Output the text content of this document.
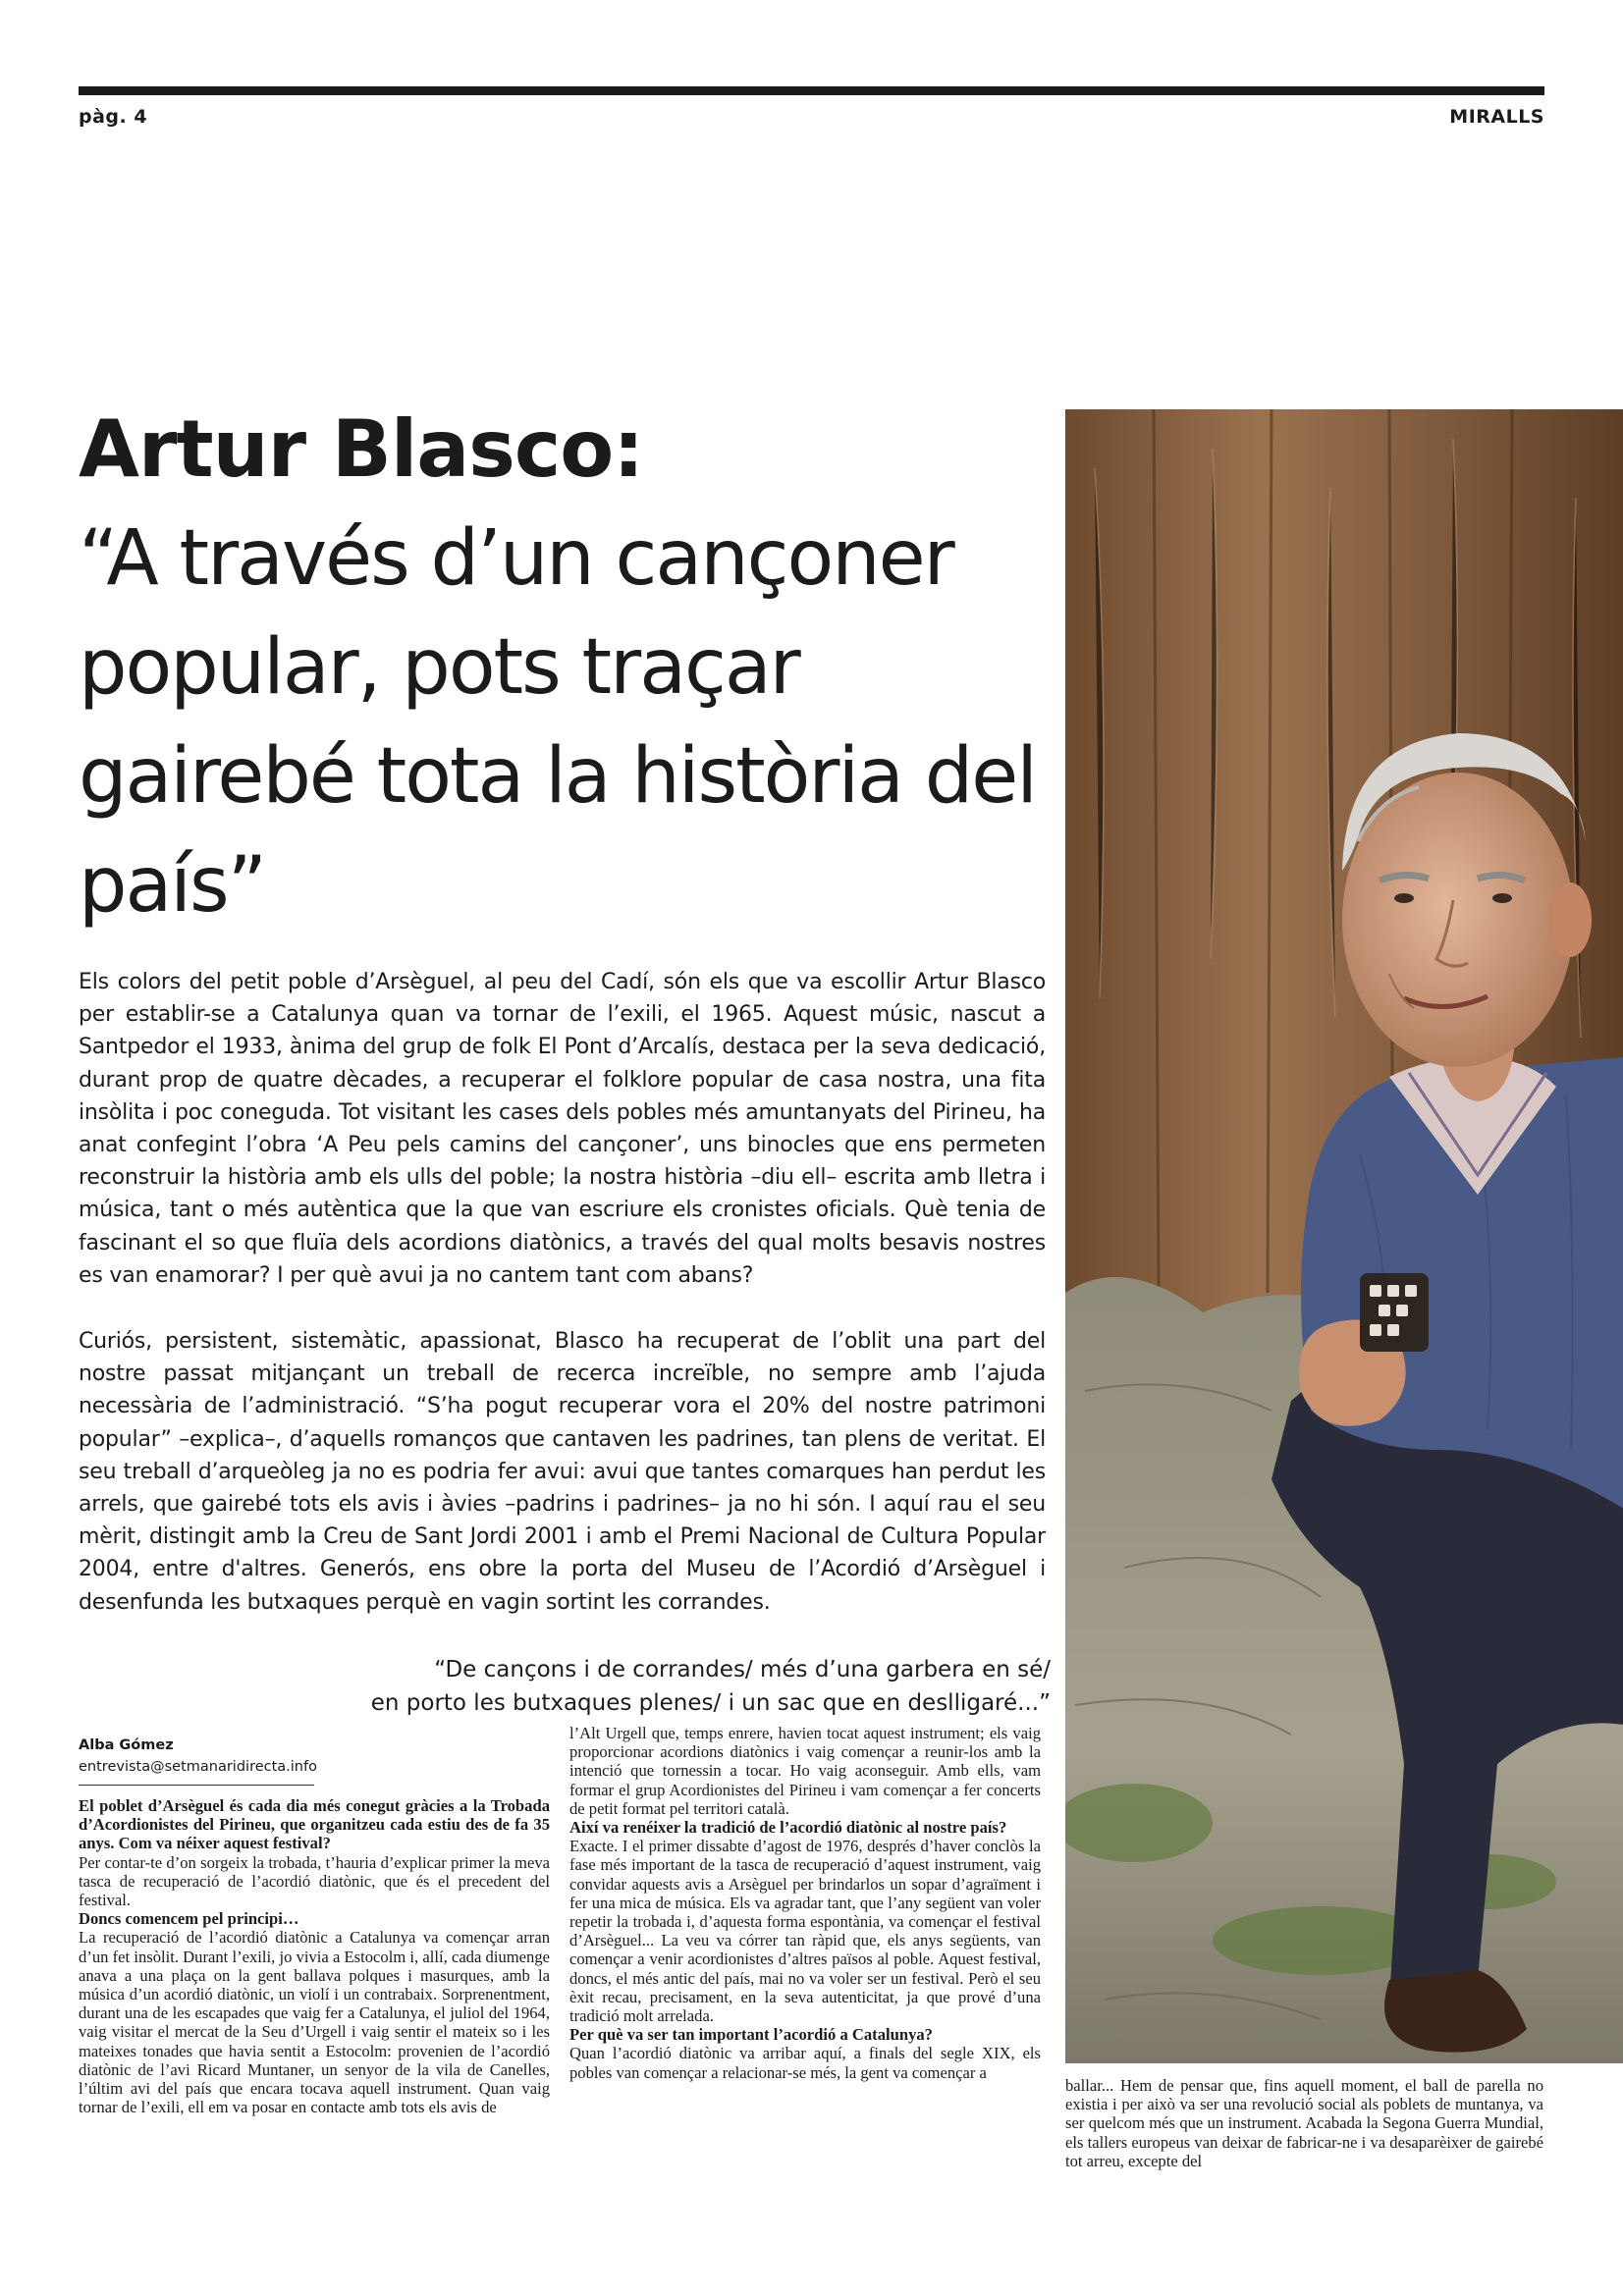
pàg. 4	MIRALLS
Artur Blasco:
“A través d’un cançoner popular, pots traçar gairebé tota la història del país”

Els colors del petit poble d’Arsèguel, al peu del Cadí, són els que va escollir Artur Blasco per establir-se a Catalunya quan va tornar de l’exili, el 1965. Aquest músic, nascut a Santpedor el 1933, ànima del grup de folk El Pont d’Arcalís, destaca per la seva dedicació, durant prop de quatre dècades, a recuperar el folklore popular de casa nostra, una fita insòlita i poc coneguda. Tot visitant les cases dels pobles més amuntanyats del Pirineu, ha anat confegint l’obra ‘A Peu pels camins del cançoner’, uns binocles que ens permeten reconstruir la història amb els ulls del poble; la nostra història –diu ell– escrita amb lletra i música, tant o més autèntica que la que van escriure els cronistes oficials. Què tenia de fascinant el so que fluïa dels acordions diatònics, a través del qual molts besavis nostres es van enamorar? I per què avui ja no cantem tant com abans?

Curiós, persistent, sistemàtic, apassionat, Blasco ha recuperat de l’oblit una part del nostre passat mitjançant un treball de recerca increïble, no sempre amb l’ajuda necessària de l’administració. “S’ha pogut recuperar vora el 20% del nostre patrimoni popular” –explica–, d’aquells romanços que cantaven les padrines, tan plens de veritat. El seu treball d’arqueòleg ja no es podria fer avui: avui que tantes comarques han perdut les arrels, que gairebé tots els avis i àvies –padrins i padrines– ja no hi són. I aquí rau el seu mèrit, distingit amb la Creu de Sant Jordi 2001 i amb el Premi Nacional de Cultura Popular 2004, entre d'altres. Generós, ens obre la porta del Museu de l’Acordió d’Arsèguel i desenfunda les butxaques perquè en vagin sortint les corrandes.

“De cançons i de corrandes/ més d’una garbera en sé/
en porto les butxaques plenes/ i un sac que en deslligaré...”
Alba Gómez
entrevista@setmanaridirecta.info

El poblet d’Arsèguel és cada dia més conegut gràcies a la Trobada d’Acordionistes del Pirineu, que organitzeu cada estiu des de fa 35 anys. Com va néixer aquest festival?

Per contar-te d’on sorgeix la trobada, t’hauria d’explicar primer la meva tasca de recuperació de l’acordió diatònic, que és el precedent del festival.

Doncs comencem pel principi…

La recuperació de l’acordió diatònic a Catalunya va començar arran d’un fet insòlit. Durant l’exili, jo vivia a Estocolm i, allí, cada diumenge anava a una plaça on la gent ballava polques i masurques, amb la música d’un acordió diatònic, un violí i un contrabaix. Sorprenentment, durant una de les escapades que vaig fer a Catalunya, el juliol del 1964, vaig visitar el mercat de la Seu d’Urgell i vaig sentir el mateix so i les mateixes tonades que havia sentit a Estocolm: provenien de l’acordió diatònic de l’avi Ricard Muntaner, un senyor de la vila de Canelles, l’últim avi del país que encara tocava aquell instrument. Quan vaig tornar de l’exili, ell em va posar en contacte amb tots els avis de

l’Alt Urgell que, temps enrere, havien tocat aquest instrument; els vaig proporcionar acordions diatònics i vaig començar a reunir-los amb la intenció que tornessin a tocar. Ho vaig aconseguir. Amb ells, vam formar el grup Acordionistes del Pirineu i vam començar a fer concerts de petit format pel territori català.

Així va renéixer la tradició de l’acordió diatònic al nostre país?

Exacte. I el primer dissabte d’agost de 1976, després d’haver conclòs la fase més important de la tasca de recuperació d’aquest instrument, vaig convidar aquests avis a Arsèguel per brindarlos un sopar d’agraïment i fer una mica de música. Els va agradar tant, que l’any següent van voler repetir la trobada i, d’aquesta forma espontània, va començar el festival d’Arsèguel... La veu va córrer tan ràpid que, els anys següents, van començar a venir acordionistes d’altres països al poble. Aquest festival, doncs, el més antic del país, mai no va voler ser un festival. Però el seu èxit recau, precisament, en la seva autenticitat, ja que prové d’una tradició molt arrelada.

Per què va ser tan important l’acordió a Catalunya?

Quan l’acordió diatònic va arribar aquí, a finals del segle XIX, els pobles van començar a relacionar-se més, la gent va començar a

ballar... Hem de pensar que, fins aquell moment, el ball de parella no existia i per això va ser una revolució social als poblets de muntanya, va ser quelcom més que un instrument. Acabada la Segona Guerra Mundial, els tallers europeus van deixar de fabricar-ne i va desaparèixer de gairebé tot arreu, excepte del
